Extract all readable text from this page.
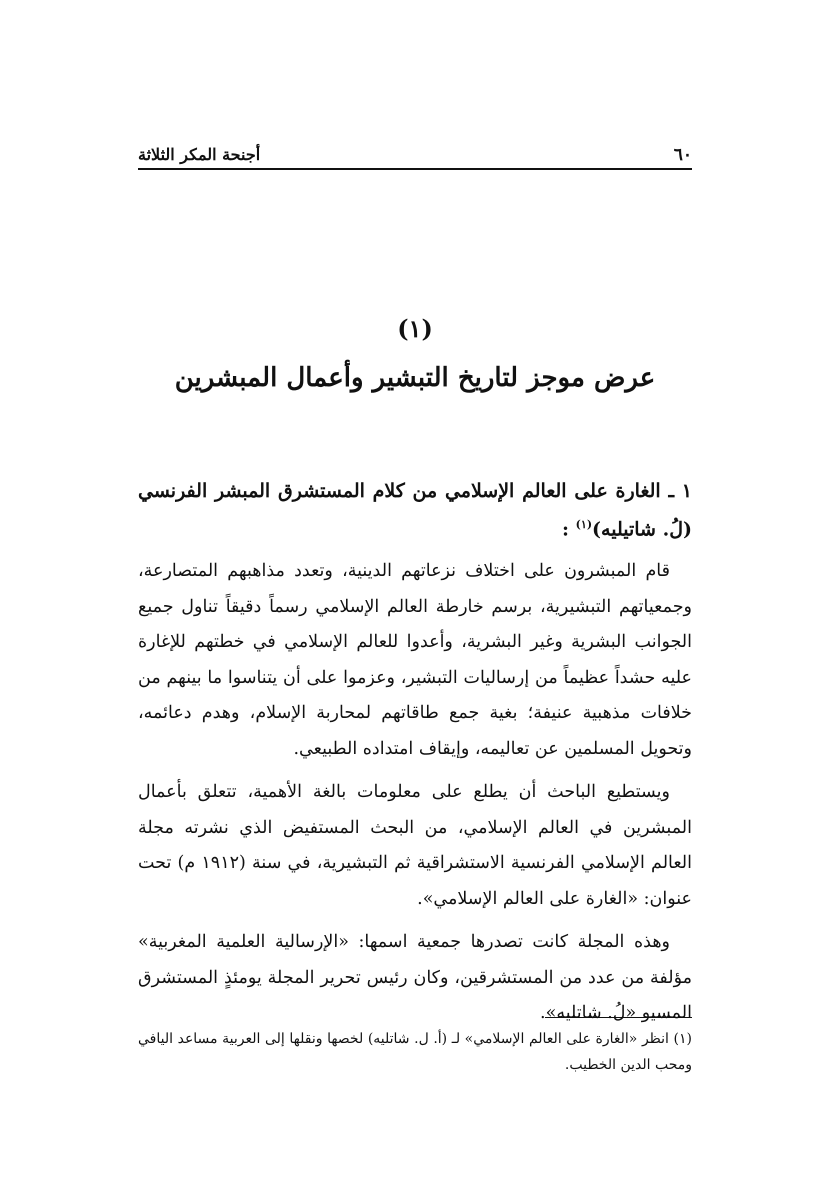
٦٠
أجنحة المكر الثلاثة
(١)
عرض موجز لتاريخ التبشير وأعمال المبشرين
١ ـ الغارة على العالم الإسلامي من كلام المستشرق المبشر الفرنسي (لُ. شاتيليه)$^{(١)}$ :

قام المبشرون على اختلاف نزعاتهم الدينية، وتعدد مذاهبهم المتصارعة، وجمعياتهم التبشيرية، برسم خارطة العالم الإسلامي رسماً دقيقاً تناول جميع الجوانب البشرية وغير البشرية، وأعدوا للعالم الإسلامي في خطتهم للإغارة عليه حشداً عظيماً من إرساليات التبشير، وعزموا على أن يتناسوا ما بينهم من خلافات مذهبية عنيفة؛ بغية جمع طاقاتهم لمحاربة الإسلام، وهدم دعائمه، وتحويل المسلمين عن تعاليمه، وإيقاف امتداده الطبيعي.

ويستطيع الباحث أن يطلع على معلومات بالغة الأهمية، تتعلق بأعمال المبشرين في العالم الإسلامي، من البحث المستفيض الذي نشرته مجلة العالم الإسلامي الفرنسية الاستشراقية ثم التبشيرية، في سنة (١٩١٢ م) تحت عنوان: «الغارة على العالم الإسلامي».

وهذه المجلة كانت تصدرها جمعية اسمها: «الإرسالية العلمية المغربية» مؤلفة من عدد من المستشرقين، وكان رئيس تحرير المجلة يومئذٍ المستشرق المسيو «لُ. شاتليه».

(١) انظر «الغارة على العالم الإسلامي» لـ (أ. ل. شاتليه) لخصها ونقلها إلى العربية مساعد اليافي ومحب الدين الخطيب.
